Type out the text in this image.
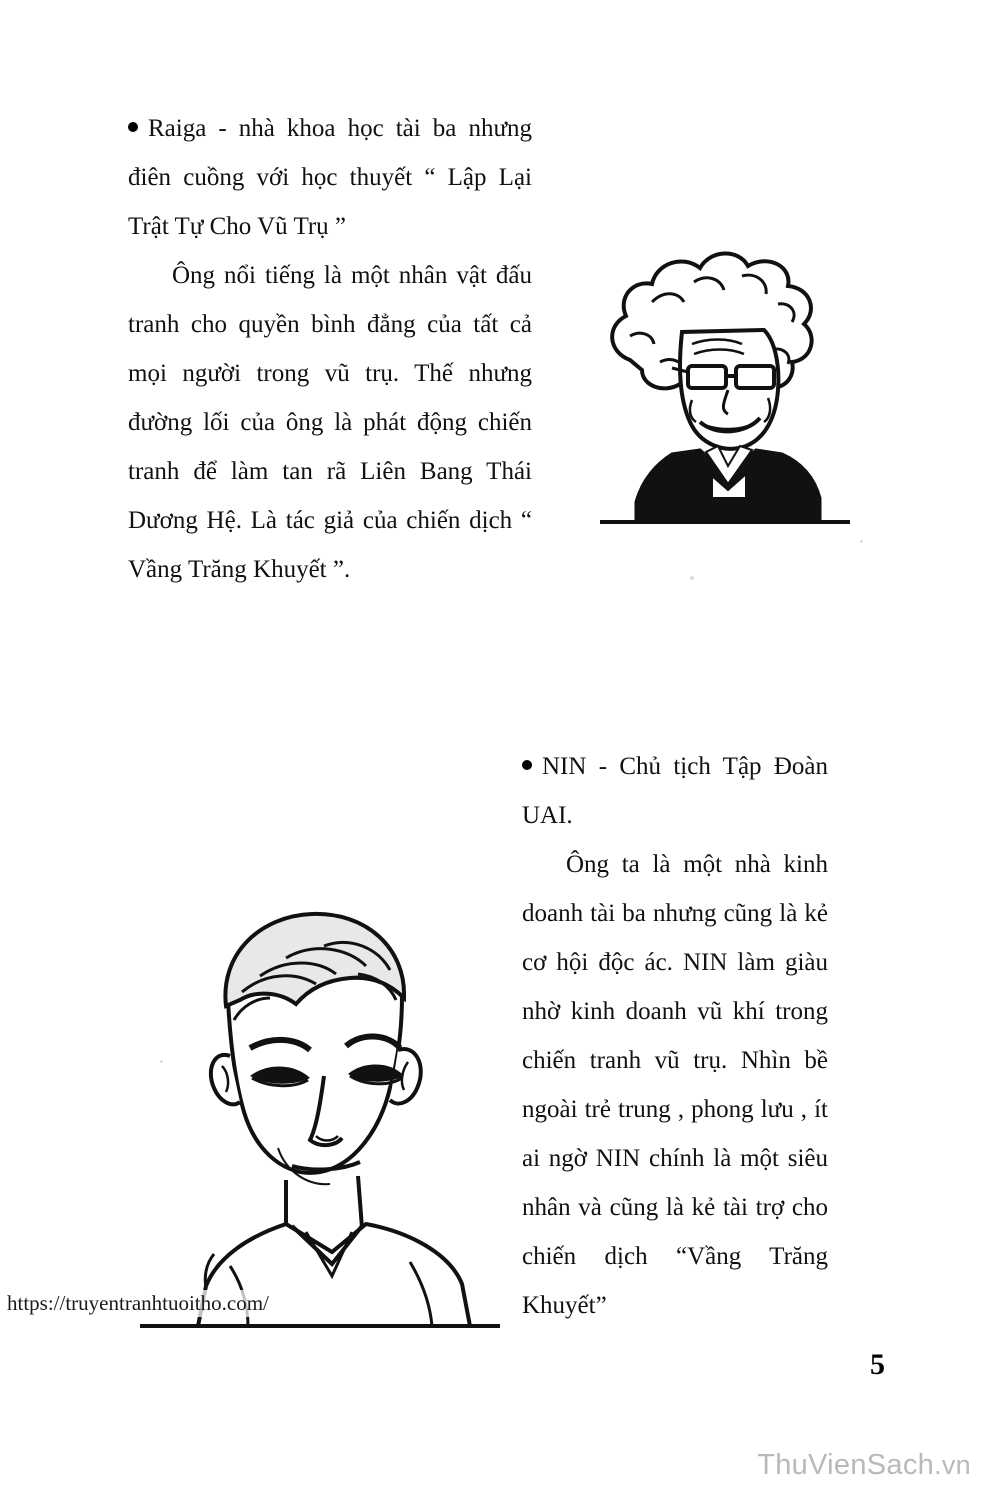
Raiga - nhà khoa học tài ba nhưng điên cuồng với học thuyết “ Lập Lại Trật Tự Cho Vũ Trụ ”

Ông nổi tiếng là một nhân vật đấu tranh cho quyền bình đẳng của tất cả mọi người trong vũ trụ. Thế nhưng đường lối của ông là phát động chiến tranh để làm tan rã Liên Bang Thái Dương Hệ. Là tác giả của chiến dịch “ Vầng Trăng Khuyết ”.

NIN - Chủ tịch Tập Đoàn UAI.

Ông ta là một nhà kinh doanh tài ba nhưng cũng là kẻ cơ hội độc ác. NIN làm giàu nhờ kinh doanh vũ khí trong chiến tranh vũ trụ. Nhìn bề ngoài trẻ trung , phong lưu , ít ai ngờ NIN chính là một siêu nhân và cũng là kẻ tài trợ cho chiến dịch “Vầng Trăng Khuyết”

https://truyentranhtuoitho.com/
5
ThuVienSach.vn
